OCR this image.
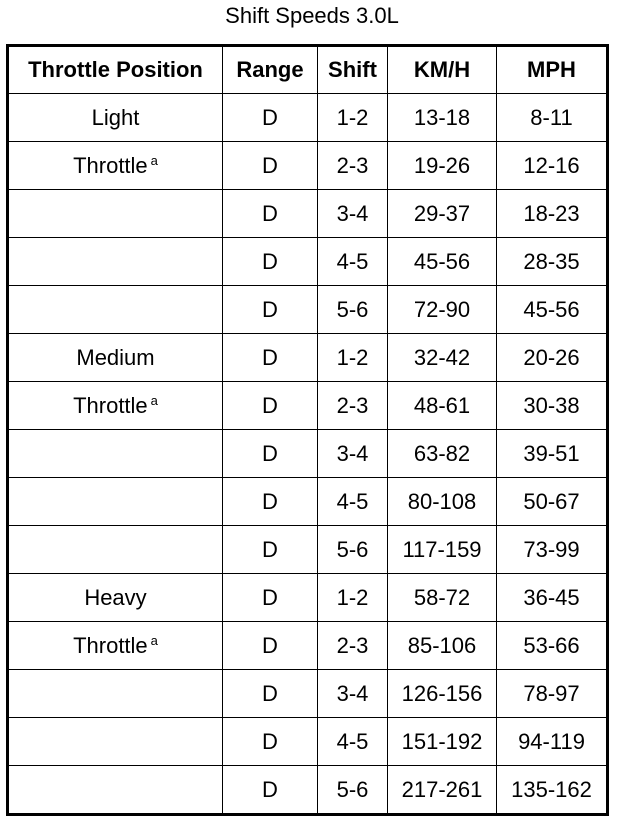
Shift Speeds 3.0L
Throttle Position	Range	Shift	KM/H	MPH
Light	D	1-2	13-18	8-11
Throttle $^a$	D	2-3	19-26	12-16
	D	3-4	29-37	18-23
	D	4-5	45-56	28-35
	D	5-6	72-90	45-56
Medium	D	1-2	32-42	20-26
Throttle $^a$	D	2-3	48-61	30-38
	D	3-4	63-82	39-51
	D	4-5	80-108	50-67
	D	5-6	117-159	73-99
Heavy	D	1-2	58-72	36-45
Throttle $^a$	D	2-3	85-106	53-66
	D	3-4	126-156	78-97
	D	4-5	151-192	94-119
	D	5-6	217-261	135-162
